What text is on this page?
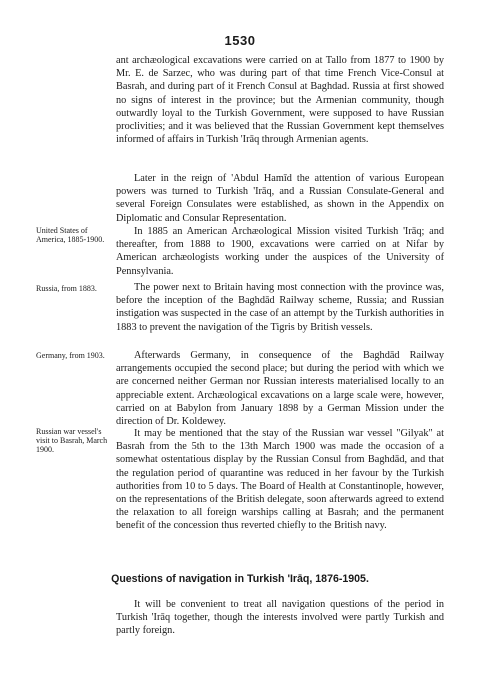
1530
ant archæological excavations were carried on at Tallo from 1877 to 1900 by Mr. E. de Sarzec, who was during part of that time French Vice-Consul at Basrah, and during part of it French Consul at Baghdad. Russia at first showed no signs of interest in the province; but the Armenian community, though outwardly loyal to the Turkish Government, were supposed to have Russian proclivities; and it was believed that the Russian Government kept themselves informed of affairs in Turkish 'Irāq through Armenian agents.

Later in the reign of 'Abdul Hamīd the attention of various European powers was turned to Turkish 'Irāq, and a Russian Consulate-General and several Foreign Consulates were established, as shown in the Appendix on Diplomatic and Consular Representation.

United States of America, 1885-1900.

In 1885 an American Archæological Mission visited Turkish 'Irāq; and thereafter, from 1888 to 1900, excavations were carried on at Nifar by American archæologists working under the auspices of the University of Pennsylvania.

Russia, from 1883.	The power next to Britain having most connection with the province was, before the inception of the Baghdād Railway scheme, Russia; and Russian instigation was suspected in the case of an attempt by the Turkish authorities in 1883 to prevent the navigation of the Tigris by British vessels.

Germany, from 1903.	Afterwards Germany, in consequence of the Baghdād Railway arrangements occupied the second place; but during the period with which we are concerned neither German nor Russian interests materialised locally to an appreciable extent. Archæological excavations on a large scale were, however, carried on at Babylon from January 1898 by a German Mission under the direction of Dr. Koldewey.

Russian war vessel's visit to Basrah, March 1900.

It may be mentioned that the stay of the Russian war vessel "Gilyak" at Basrah from the 5th to the 13th March 1900 was made the occasion of a somewhat ostentatious display by the Russian Consul from Baghdād, and that the regulation period of quarantine was reduced in her favour by the Turkish authorities from 10 to 5 days. The Board of Health at Constantinople, however, on the representations of the British delegate, soon afterwards agreed to extend the relaxation to all foreign warships calling at Basrah; and the permanent benefit of the concession thus reverted chiefly to the British navy.

Questions of navigation in Turkish 'Irāq, 1876-1905.

It will be convenient to treat all navigation questions of the period in Turkish 'Irāq together, though the interests involved were partly Turkish and partly foreign.
